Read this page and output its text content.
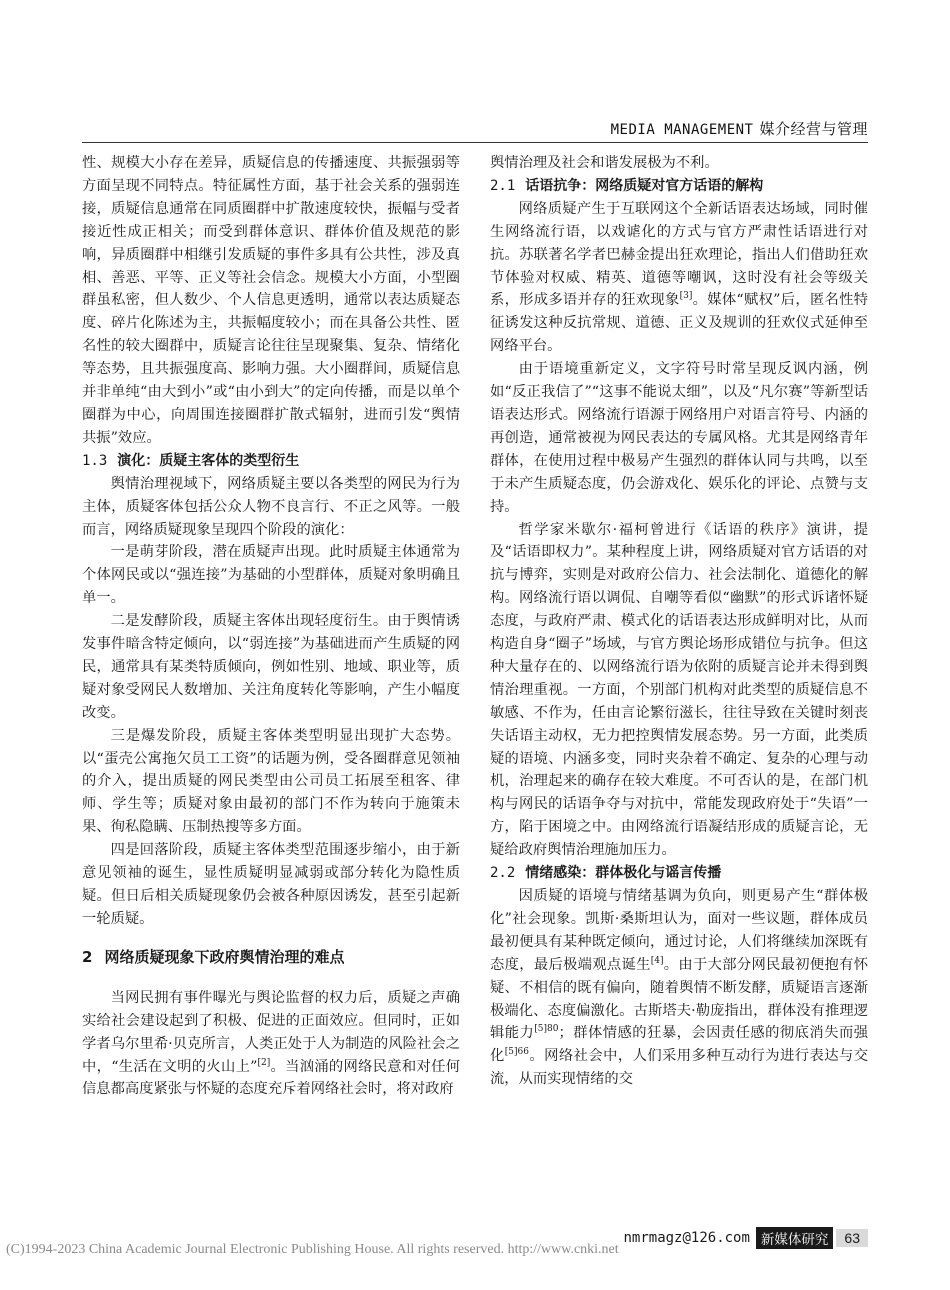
MEDIA MANAGEMENT 媒介经营与管理

性、规模大小存在差异，质疑信息的传播速度、共振强弱等方面呈现不同特点。特征属性方面，基于社会关系的强弱连接，质疑信息通常在同质圈群中扩散速度较快，振幅与受者接近性成正相关；而受到群体意识、群体价值及规范的影响，异质圈群中相继引发质疑的事件多具有公共性，涉及真相、善恶、平等、正义等社会信念。规模大小方面，小型圈群虽私密，但人数少、个人信息更透明，通常以表达质疑态度、碎片化陈述为主，共振幅度较小；而在具备公共性、匿名性的较大圈群中，质疑言论往往呈现聚集、复杂、情绪化等态势，且共振强度高、影响力强。大小圈群间，质疑信息并非单纯“由大到小”或“由小到大”的定向传播，而是以单个圈群为中心，向周围连接圈群扩散式辐射，进而引发“舆情共振”效应。

1.3 演化：质疑主客体的类型衍生

舆情治理视域下，网络质疑主要以各类型的网民为行为主体，质疑客体包括公众人物不良言行、不正之风等。一般而言，网络质疑现象呈现四个阶段的演化：

一是萌芽阶段，潜在质疑声出现。此时质疑主体通常为个体网民或以“强连接”为基础的小型群体，质疑对象明确且单一。

二是发酵阶段，质疑主客体出现轻度衍生。由于舆情诱发事件暗含特定倾向，以“弱连接”为基础进而产生质疑的网民，通常具有某类特质倾向，例如性别、地域、职业等，质疑对象受网民人数增加、关注角度转化等影响，产生小幅度改变。

三是爆发阶段，质疑主客体类型明显出现扩大态势。以“蛋壳公寓拖欠员工工资”的话题为例，受各圈群意见领袖的介入，提出质疑的网民类型由公司员工拓展至租客、律师、学生等；质疑对象由最初的部门不作为转向于施策未果、徇私隐瞒、压制热搜等多方面。

四是回落阶段，质疑主客体类型范围逐步缩小，由于新意见领袖的诞生，显性质疑明显减弱或部分转化为隐性质疑。但日后相关质疑现象仍会被各种原因诱发，甚至引起新一轮质疑。

2 网络质疑现象下政府舆情治理的难点

当网民拥有事件曝光与舆论监督的权力后，质疑之声确实给社会建设起到了积极、促进的正面效应。但同时，正如学者乌尔里希·贝克所言，人类正处于人为制造的风险社会之中，“生活在文明的火山上”[2]。当汹涌的网络民意和对任何信息都高度紧张与怀疑的态度充斥着网络社会时，将对政府

舆情治理及社会和谐发展极为不利。

2.1 话语抗争：网络质疑对官方话语的解构

网络质疑产生于互联网这个全新话语表达场域，同时催生网络流行语，以戏谑化的方式与官方严肃性话语进行对抗。苏联著名学者巴赫金提出狂欢理论，指出人们借助狂欢节体验对权威、精英、道德等嘲讽，这时没有社会等级关系，形成多语并存的狂欢现象[3]。媒体“赋权”后，匿名性特征诱发这种反抗常规、道德、正义及规训的狂欢仪式延伸至网络平台。

由于语境重新定义，文字符号时常呈现反讽内涵，例如“反正我信了”“这事不能说太细”，以及“凡尔赛”等新型话语表达形式。网络流行语源于网络用户对语言符号、内涵的再创造，通常被视为网民表达的专属风格。尤其是网络青年群体，在使用过程中极易产生强烈的群体认同与共鸣，以至于未产生质疑态度，仍会游戏化、娱乐化的评论、点赞与支持。

哲学家米歇尔·福柯曾进行《话语的秩序》演讲，提及“话语即权力”。某种程度上讲，网络质疑对官方话语的对抗与博弈，实则是对政府公信力、社会法制化、道德化的解构。网络流行语以调侃、自嘲等看似“幽默”的形式诉诸怀疑态度，与政府严肃、模式化的话语表达形成鲜明对比，从而构造自身“圈子”场域，与官方舆论场形成错位与抗争。但这种大量存在的、以网络流行语为依附的质疑言论并未得到舆情治理重视。一方面，个别部门机构对此类型的质疑信息不敏感、不作为，任由言论繁衍滋长，往往导致在关键时刻丧失话语主动权，无力把控舆情发展态势。另一方面，此类质疑的语境、内涵多变，同时夹杂着不确定、复杂的心理与动机，治理起来的确存在较大难度。不可否认的是，在部门机构与网民的话语争夺与对抗中，常能发现政府处于“失语”一方，陷于困境之中。由网络流行语凝结形成的质疑言论，无疑给政府舆情治理施加压力。

2.2 情绪感染：群体极化与谣言传播

因质疑的语境与情绪基调为负向，则更易产生“群体极化”社会现象。凯斯·桑斯坦认为，面对一些议题，群体成员最初便具有某种既定倾向，通过讨论，人们将继续加深既有态度，最后极端观点诞生[4]。由于大部分网民最初便抱有怀疑、不相信的既有偏向，随着舆情不断发酵，质疑语言逐渐极端化、态度偏激化。古斯塔夫·勒庞指出，群体没有推理逻辑能力$^{[5]80}$；群体情感的狂暴，会因责任感的彻底消失而强化$^{[5]66}$。网络社会中，人们采用多种互动行为进行表达与交流，从而实现情绪的交

nmrmagz@126.com 新媒体研究	63
(C)1994-2023 China Academic Journal Electronic Publishing House. All rights reserved. http://www.cnki.net
